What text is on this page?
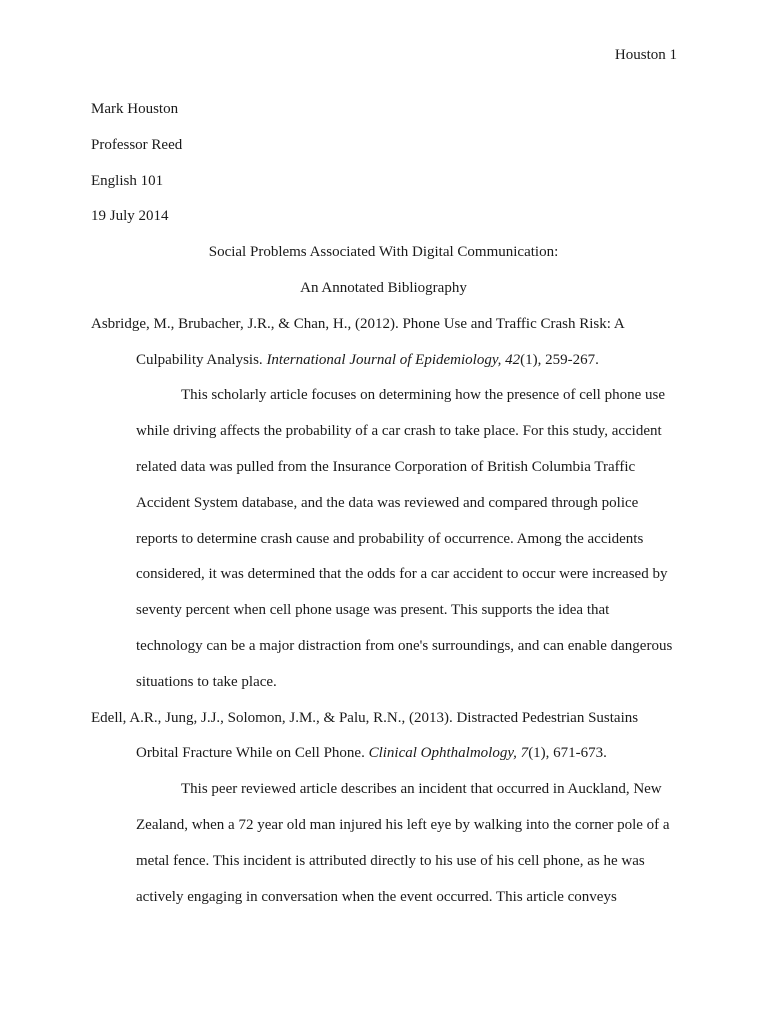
Houston 1
Mark Houston
Professor Reed
English 101
19 July 2014
Social Problems Associated With Digital Communication:
An Annotated Bibliography
Asbridge, M., Brubacher, J.R., & Chan, H., (2012). Phone Use and Traffic Crash Risk: A
Culpability Analysis. International Journal of Epidemiology, 42(1), 259-267.
This scholarly article focuses on determining how the presence of cell phone use
while driving affects the probability of a car crash to take place. For this study, accident
related data was pulled from the Insurance Corporation of British Columbia Traffic
Accident System database, and the data was reviewed and compared through police
reports to determine crash cause and probability of occurrence. Among the accidents
considered, it was determined that the odds for a car accident to occur were increased by
seventy percent when cell phone usage was present. This supports the idea that
technology can be a major distraction from one's surroundings, and can enable dangerous
situations to take place.
Edell, A.R., Jung, J.J., Solomon, J.M., & Palu, R.N., (2013). Distracted Pedestrian Sustains
Orbital Fracture While on Cell Phone. Clinical Ophthalmology, 7(1), 671-673.
This peer reviewed article describes an incident that occurred in Auckland, New
Zealand, when a 72 year old man injured his left eye by walking into the corner pole of a
metal fence. This incident is attributed directly to his use of his cell phone, as he was
actively engaging in conversation when the event occurred. This article conveys
